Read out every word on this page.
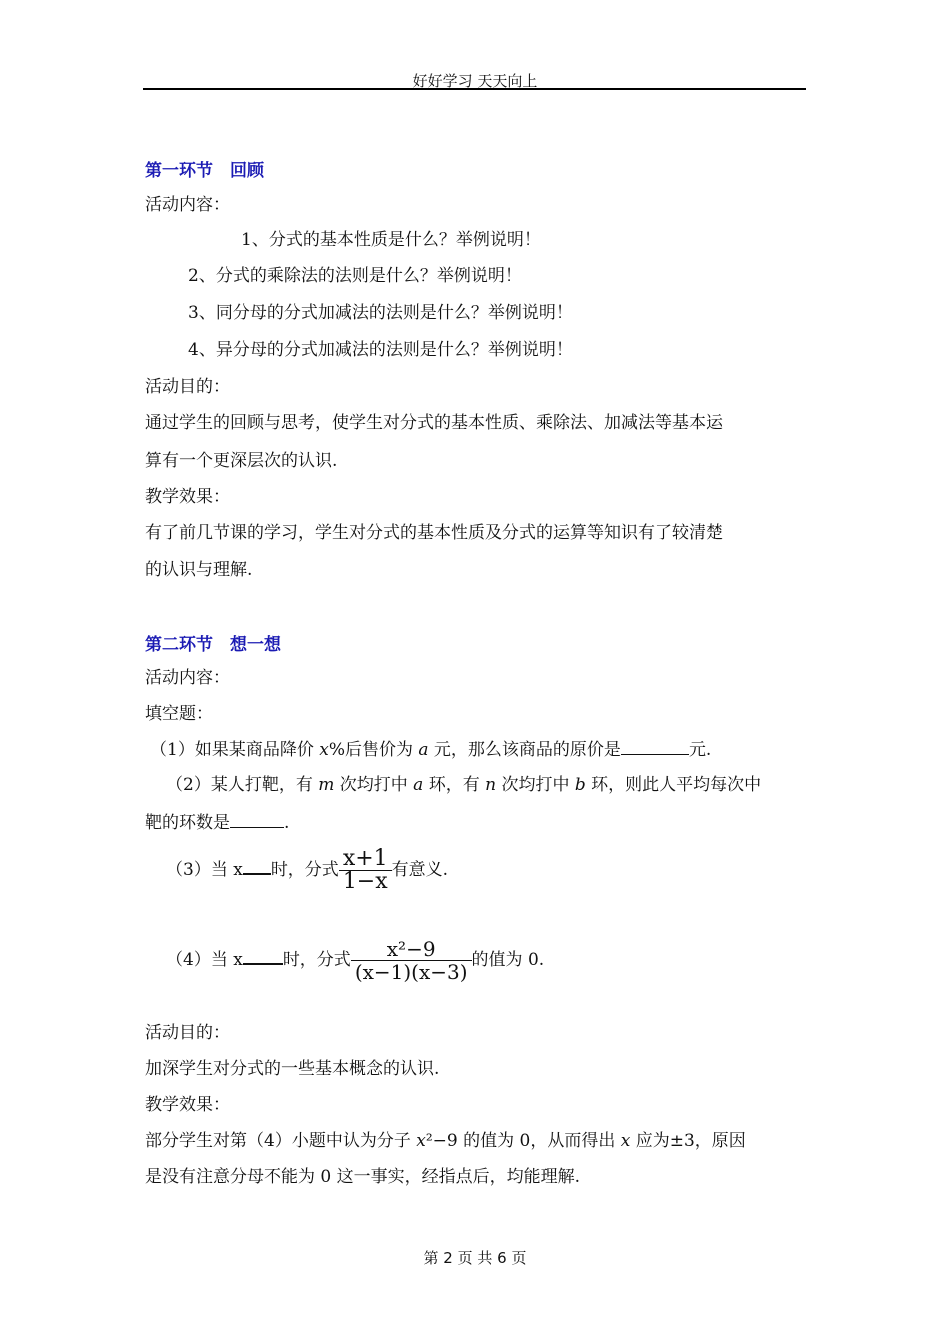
好好学习 天天向上
第一环节　回顾
活动内容：
1、分式的基本性质是什么？举例说明！
2、分式的乘除法的法则是什么？举例说明！
3、同分母的分式加减法的法则是什么？举例说明！
4、异分母的分式加减法的法则是什么？举例说明！
活动目的：
通过学生的回顾与思考，使学生对分式的基本性质、乘除法、加减法等基本运
算有一个更深层次的认识.
教学效果：
有了前几节课的学习，学生对分式的基本性质及分式的运算等知识有了较清楚
的认识与理解.
第二环节　想一想
活动内容：
填空题：
（1）如果某商品降价 x%后售价为 a 元，那么该商品的原价是	元.
（2）某人打靶，有 m 次均打中 a 环，有 n 次均打中 b 环，则此人平均每次中
靶的环数是	.
（3）当 x 时，分式 $\frac{x+1}{1-x}$ 有意义.
（4）当 x 时，分式 $\frac{\text{x²−9}}{(x-1)(x-3)}$ 的值为 0.
活动目的：
加深学生对分式的一些基本概念的认识.
教学效果：
部分学生对第（4）小题中认为分子 x²−9 的值为 0，从而得出 x 应为±3，原因
是没有注意分母不能为 0 这一事实，经指点后，均能理解.
第 2 页 共 6 页
